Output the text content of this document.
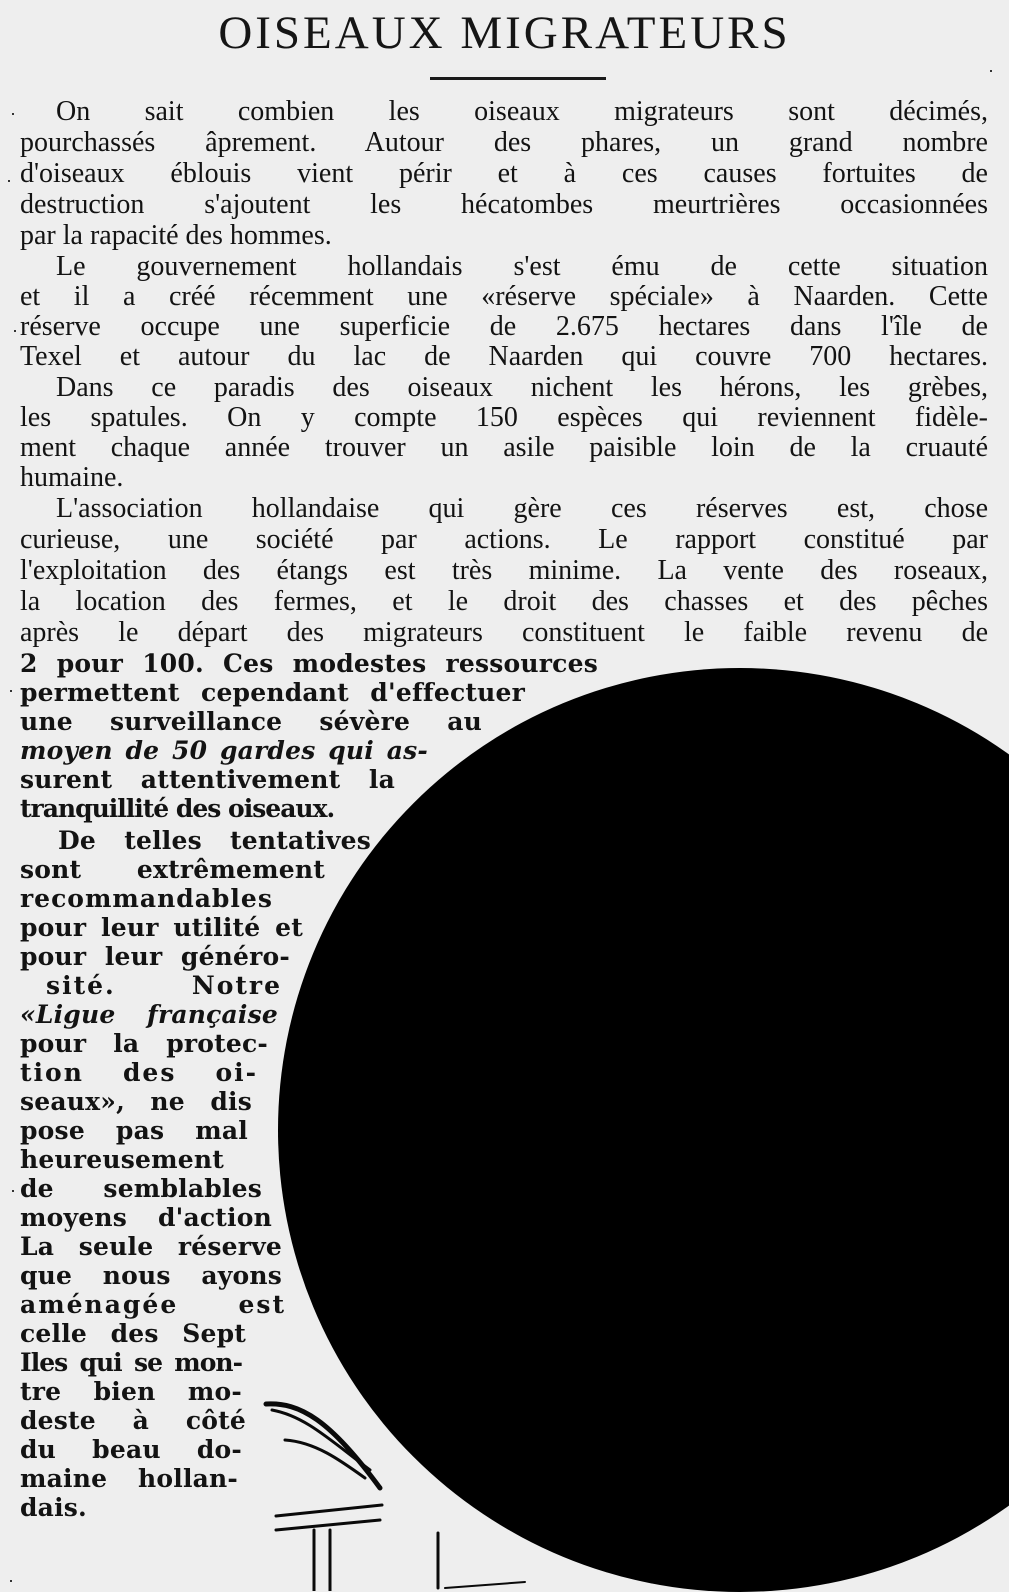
OISEAUX MIGRATEURS
On sait combien les oiseaux migrateurs sont décimés,
pourchassés âprement. Autour des phares, un grand nombre
d'oiseaux éblouis vient périr et à ces causes fortuites de
destruction s'ajoutent les hécatombes meurtrières occasionnées
par la rapacité des hommes.
Le gouvernement hollandais s'est ému de cette situation
et il a créé récemment une «réserve spéciale» à Naarden. Cette
réserve occupe une superficie de 2.675 hectares dans l'île de
Texel et autour du lac de Naarden qui couvre 700 hectares.
Dans ce paradis des oiseaux nichent les hérons, les grèbes,
les spatules. On y compte 150 espèces qui reviennent fidèle-
ment chaque année trouver un asile paisible loin de la cruauté
humaine.
L'association hollandaise qui gère ces réserves est, chose
curieuse, une société par actions. Le rapport constitué par
l'exploitation des étangs est très minime. La vente des roseaux,
la location des fermes, et le droit des chasses et des pêches
après le départ des migrateurs constituent le faible revenu de
2 pour 100. Ces modestes ressources
permettent cependant d'effectuer
une surveillance sévère au
moyen de 50 gardes qui as-
surent attentivement la
tranquillité des oiseaux.
De telles tentatives
sont extrêmement
recommandables
pour leur utilité et
pour leur généro-
sité. Notre
«Ligue française
pour la protec-
tion des oi-
seaux», ne dis
pose pas mal
heureusement
de semblables
moyens d'action
La seule réserve
que nous ayons
aménagée est
celle des Sept
Iles qui se mon-
tre bien mo-
deste à côté
du beau do-
maine hollan-
dais.
